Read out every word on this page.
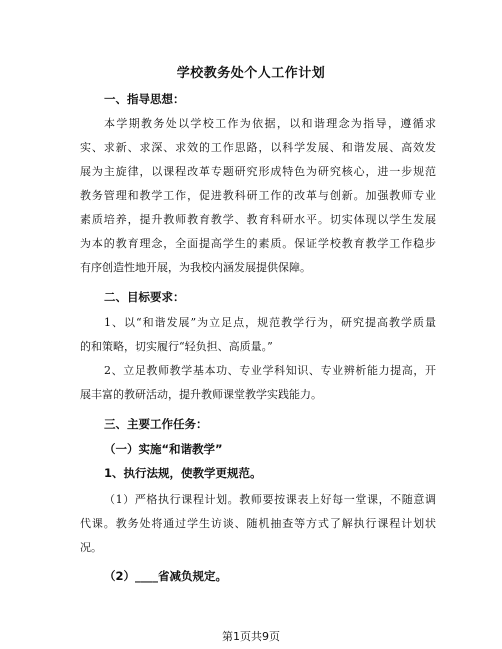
学校教务处个人工作计划
一、指导思想：
本学期教务处以学校工作为依据，以和谐理念为指导，遵循求
实、求新、求深、求效的工作思路，以科学发展、和谐发展、高效发
展为主旋律，以课程改革专题研究形成特色为研究核心，进一步规范
教务管理和教学工作，促进教科研工作的改革与创新。加强教师专业
素质培养，提升教师教育教学、教育科研水平。切实体现以学生发展
为本的教育理念，全面提高学生的素质。保证学校教育教学工作稳步
有序创造性地开展，为我校内涵发展提供保障。
二、目标要求：
1、以“和谐发展”为立足点，规范教学行为，研究提高教学质量
的和策略，切实履行“轻负担、高质量。”
2、立足教师教学基本功、专业学科知识、专业辨析能力提高，开
展丰富的教研活动，提升教师课堂教学实践能力。
三、主要工作任务：
（一）实施“和谐教学”
1、执行法规，使教学更规范。
（1）严格执行课程计划。教师要按课表上好每一堂课，不随意调
代课。教务处将通过学生访谈、随机抽查等方式了解执行课程计划状
况。
（2）____省减负规定。
第1页共9页
